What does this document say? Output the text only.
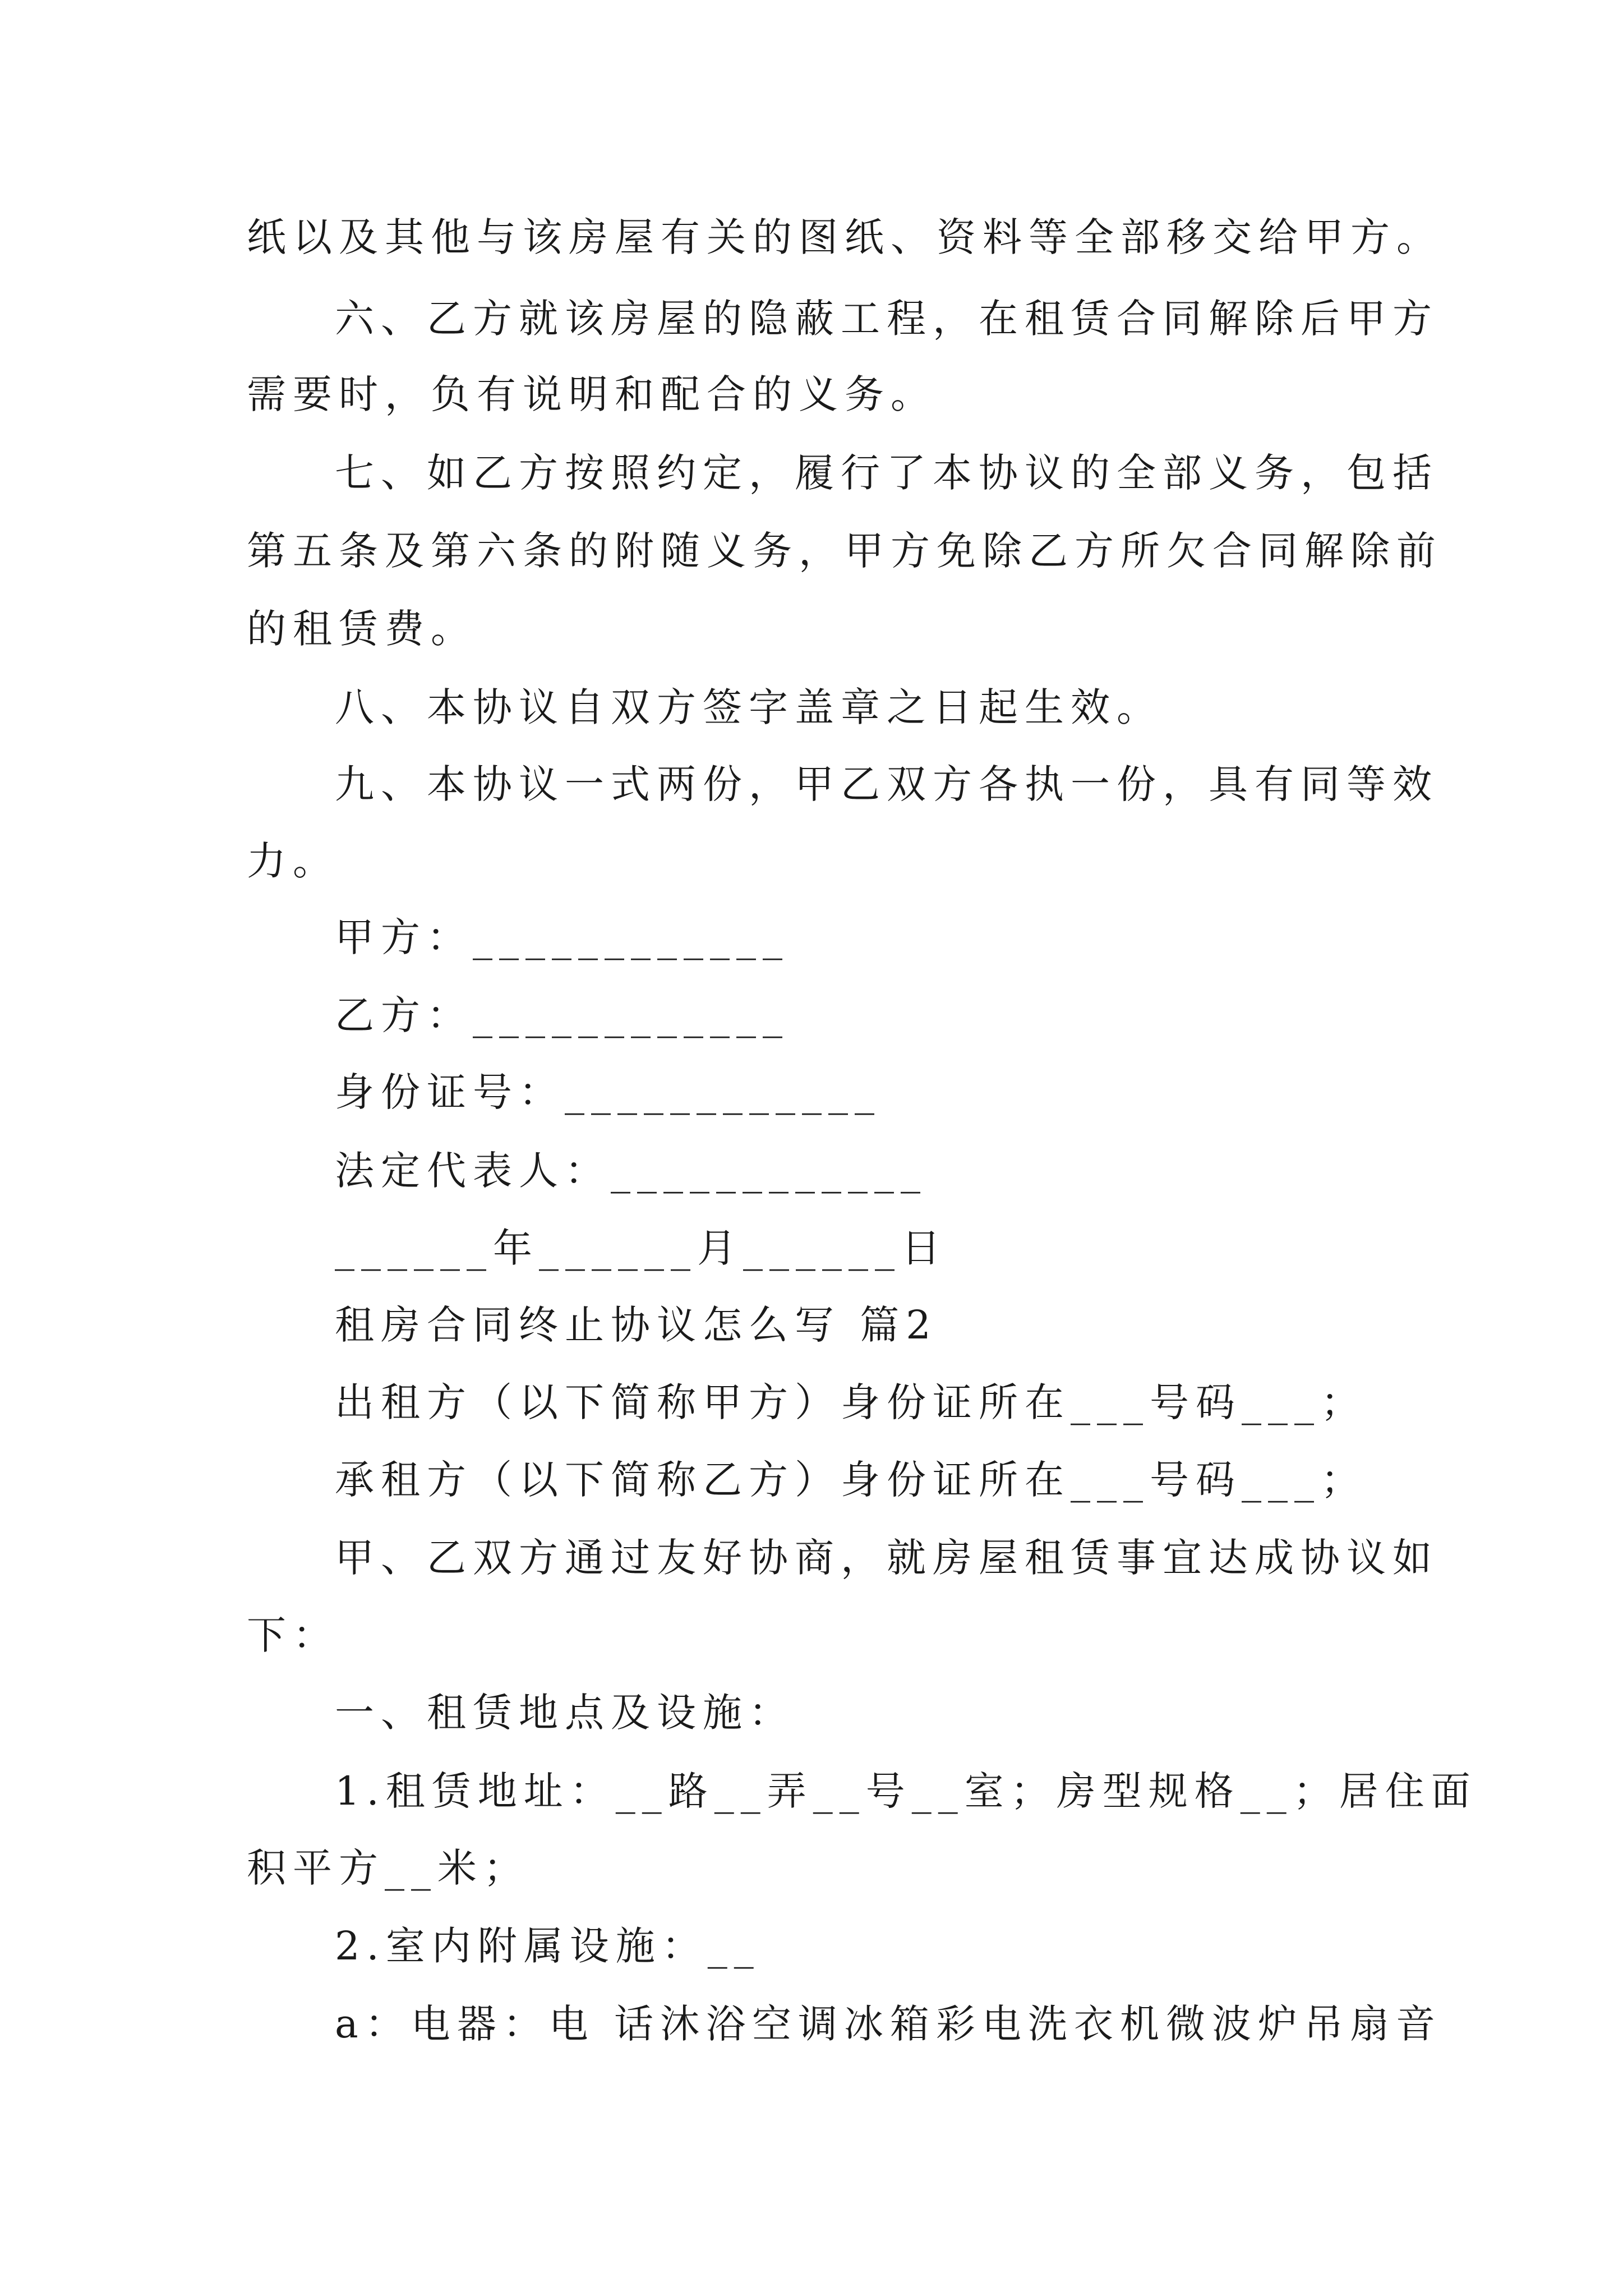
纸以及其他与该房屋有关的图纸、资料等全部移交给甲方。

六、乙方就该房屋的隐蔽工程，在租赁合同解除后甲方

需要时，负有说明和配合的义务。

七、如乙方按照约定，履行了本协议的全部义务，包括

第五条及第六条的附随义务，甲方免除乙方所欠合同解除前

的租赁费。

八、本协议自双方签字盖章之日起生效。

九、本协议一式两份，甲乙双方各执一份，具有同等效

力。

甲方：____________

乙方：____________

身份证号：____________

法定代表人：____________

______年______月______日

租房合同终止协议怎么写 篇2

出租方（以下简称甲方）身份证所在___号码___；

承租方（以下简称乙方）身份证所在___号码___；

甲、乙双方通过友好协商，就房屋租赁事宜达成协议如

下：

一、租赁地点及设施：

1.租赁地址：__路__弄__号__室；房型规格__；居住面

积平方__米；

2.室内附属设施：__

a：电器：电 话沐浴空调冰箱彩电洗衣机微波炉吊扇音
